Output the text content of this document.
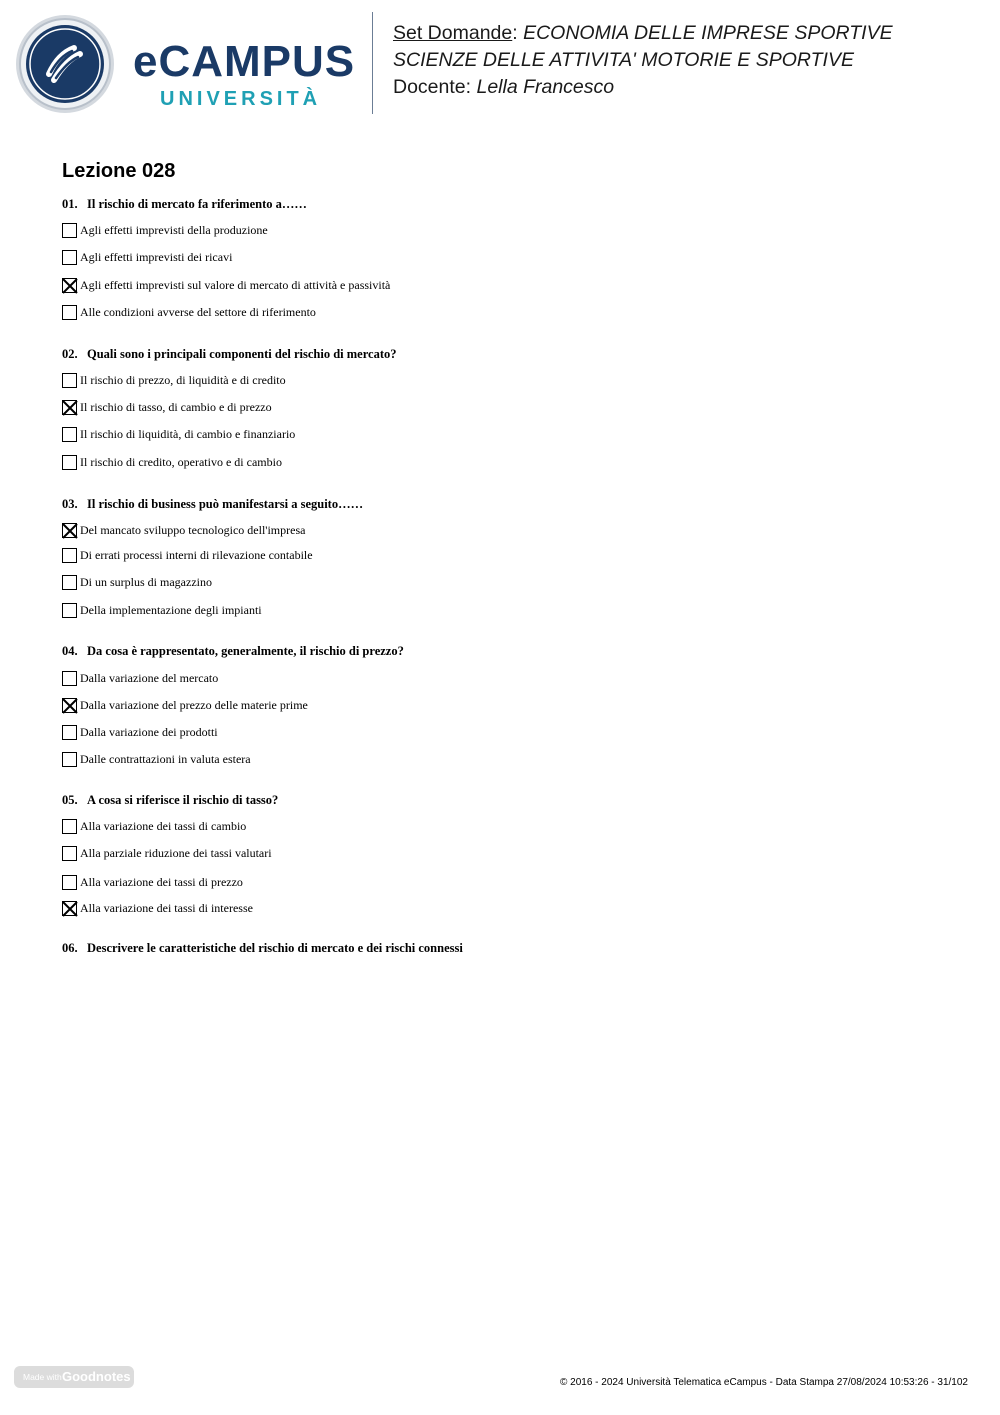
eCAMPUS
UNIVERSITÀ
Set Domande: ECONOMIA DELLE IMPRESE SPORTIVE
SCIENZE DELLE ATTIVITA' MOTORIE E SPORTIVE
Docente: Lella Francesco
Lezione 028
01. Il rischio di mercato fa riferimento a……
Agli effetti imprevisti della produzione
Agli effetti imprevisti dei ricavi
Agli effetti imprevisti sul valore di mercato di attività e passività
Alle condizioni avverse del settore di riferimento
02. Quali sono i principali componenti del rischio di mercato?
Il rischio di prezzo, di liquidità e di credito
Il rischio di tasso, di cambio e di prezzo
Il rischio di liquidità, di cambio e finanziario
Il rischio di credito, operativo e di cambio
03. Il rischio di business può manifestarsi a seguito……
Del mancato sviluppo tecnologico dell'impresa
Di errati processi interni di rilevazione contabile
Di un surplus di magazzino
Della implementazione degli impianti
04. Da cosa è rappresentato, generalmente, il rischio di prezzo?
Dalla variazione del mercato
Dalla variazione del prezzo delle materie prime
Dalla variazione dei prodotti
Dalle contrattazioni in valuta estera
05. A cosa si riferisce il rischio di tasso?
Alla variazione dei tassi di cambio
Alla parziale riduzione dei tassi valutari
Alla variazione dei tassi di prezzo
Alla variazione dei tassi di interesse
06. Descrivere le caratteristiche del rischio di mercato e dei rischi connessi
Made with Goodnotes	© 2016 - 2024 Università Telematica eCampus - Data Stampa 27/08/2024 10:53:26 - 31/102
